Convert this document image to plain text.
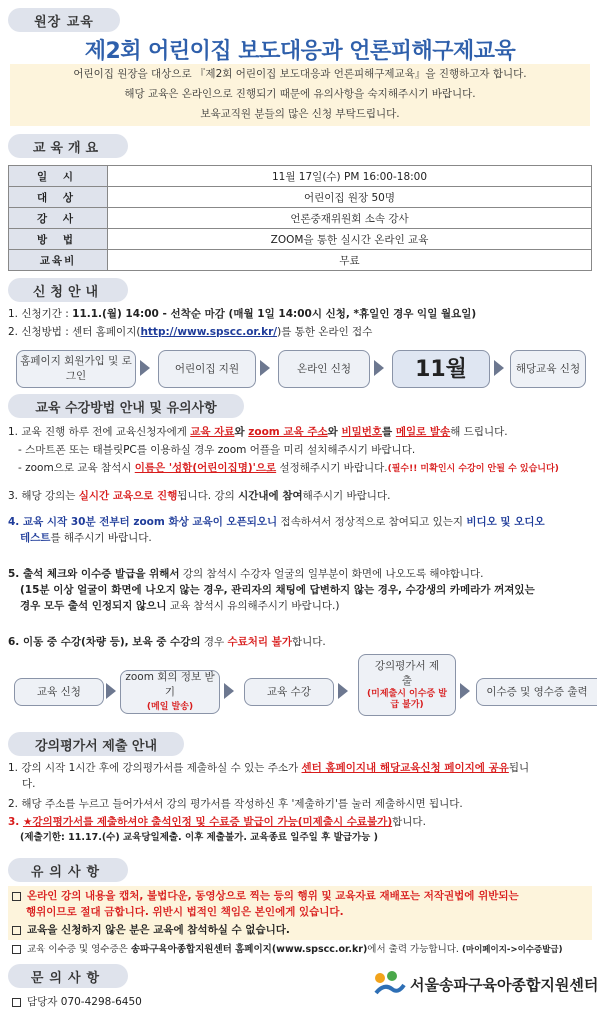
원장 교육
제2회 어린이집 보도대응과 언론피해구제교육
어린이집 원장을 대상으로 『제2회 어린이집 보도대응과 언론피해구제교육』을 진행하고자 합니다.
해당 교육은 온라인으로 진행되기 때문에 유의사항을 숙지해주시기 바랍니다.
보육교직원 분들의 많은 신청 부탁드립니다.
교육개요
일 시	11월 17일(수) PM 16:00-18:00
대 상	어린이집 원장 50명
강 사	언론중재위원회 소속 강사
방 법	ZOOM을 통한 실시간 온라인 교육
교육비	무료
신청안내
1. 신청기간 : 11.1.(월) 14:00 - 선착순 마감 (매월 1일 14:00시 신청, *휴일인 경우 익일 월요일)
2. 신청방법 : 센터 홈페이지(http://www.spscc.or.kr/)를 통한 온라인 접수
홈페이지 회원가입 및 로그인
어린이집 지원	온라인 신청	11월	해당교육 신청
교육 수강방법 안내 및 유의사항
1. 교육 진행 하루 전에 교육신청자에게 교육 자료와 zoom 교육 주소와 비밀번호를 메일로 발송해 드립니다.
- 스마트폰 또는 태블릿PC를 이용하실 경우 zoom 어플을 미리 설치해주시기 바랍니다.
- zoom으로 교육 참석시 이름은 '성함(어린이집명)'으로 설정해주시기 바랍니다.(필수!! 미확인시 수강이 안될 수 있습니다)
3. 해당 강의는 실시간 교육으로 진행됩니다. 강의 시간내에 참여해주시기 바랍니다.
4. 교육 시작 30분 전부터 zoom 화상 교육이 오픈되오니 접속하셔서 정상적으로 참여되고 있는지 비디오 및 오디오
테스트를 해주시기 바랍니다.
5. 출석 체크와 이수증 발급을 위해서 강의 참석시 수강자 얼굴의 일부분이 화면에 나오도록 해야합니다.
(15분 이상 얼굴이 화면에 나오지 않는 경우, 관리자의 채팅에 답변하지 않는 경우, 수강생의 카메라가 꺼져있는
경우 모두 출석 인정되지 않으니 교육 참석시 유의해주시기 바랍니다.)
6. 이동 중 수강(차량 등), 보육 중 수강의 경우 수료처리 불가합니다.
교육 신청
zoom 회의 정보 받기
(메일 발송)
교육 수강
강의평가서 제출
(미제출시 이수증 발급 불가)
이수증 및 영수증 출력
강의평가서 제출 안내
1. 강의 시작 1시간 후에 강의평가서를 제출하실 수 있는 주소가 센터 홈페이지내 해당교육신청 페이지에 공유됩니
다.
2. 해당 주소를 누르고 들어가셔서 강의 평가서를 작성하신 후 '제출하기'를 눌러 제출하시면 됩니다.
3. ★강의평가서를 제출하셔야 출석인정 및 수료증 발급이 가능(미제출시 수료불가)합니다.
(제출기한: 11.17.(수) 교육당일제출. 이후 제출불가. 교육종료 일주일 후 발급가능 )
유의사항
온라인 강의 내용을 캡처, 불법다운, 동영상으로 찍는 등의 행위 및 교육자료 재배포는 저작권법에 위반되는
행위이므로 절대 금합니다. 위반시 법적인 책임은 본인에게 있습니다.
교육을 신청하지 않은 분은 교육에 참석하실 수 없습니다.
교육 이수증 및 영수증은 송파구육아종합지원센터 홈페이지(www.spscc.or.kr)에서 출력 가능합니다. (마이페이지->이수증발급)
문의사항
담당자 070-4298-6450
서울송파구육아종합지원센터
